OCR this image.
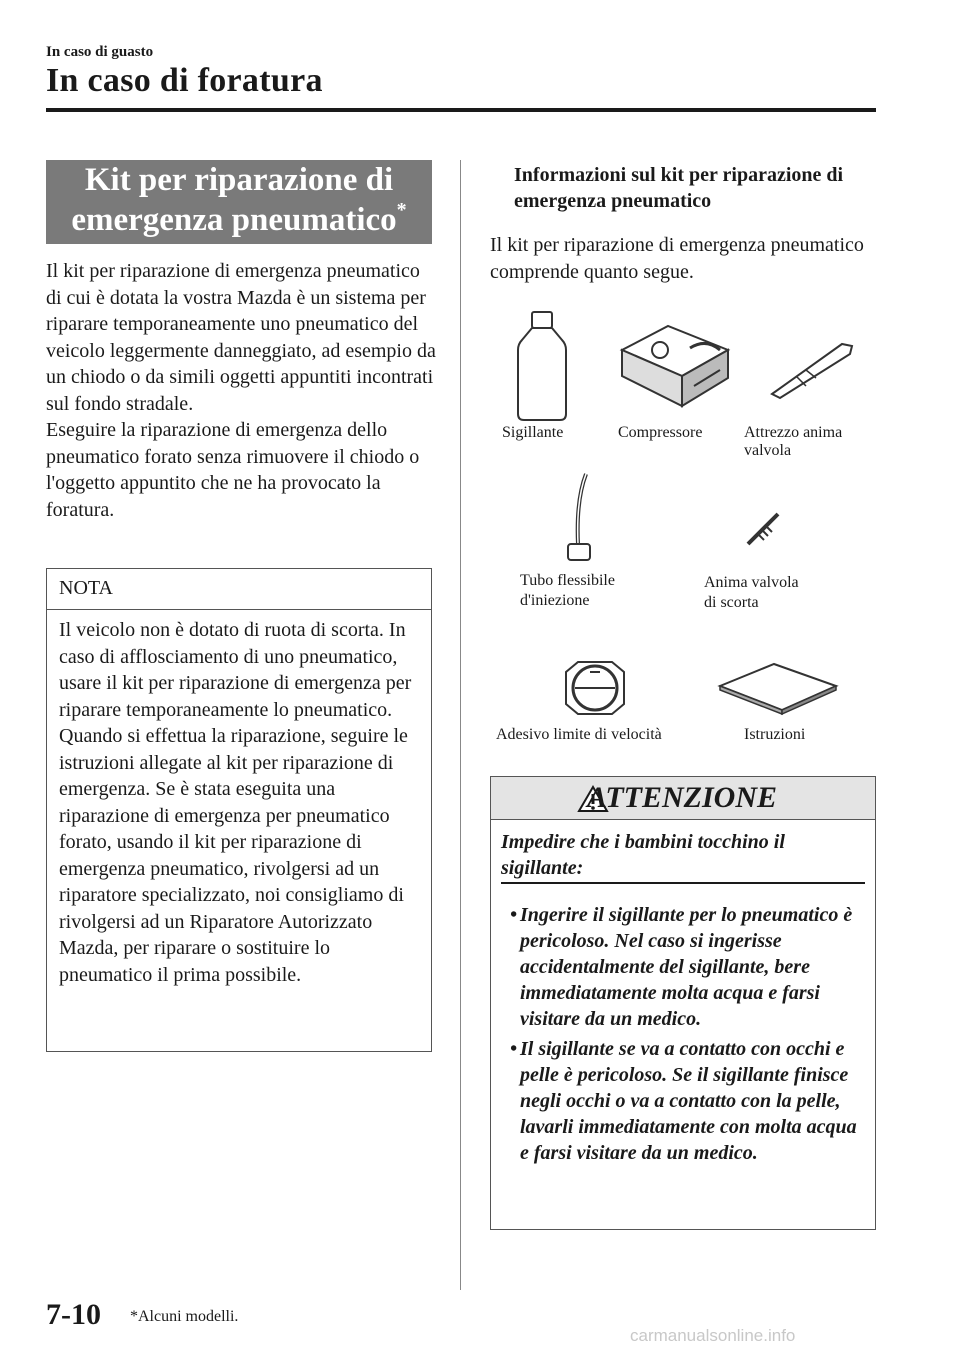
In caso di guasto
In caso di foratura
Kit per riparazione di
emergenza pneumatico*
Il kit per riparazione di emergenza pneumatico di cui è dotata la vostra Mazda è un sistema per riparare temporaneamente uno pneumatico del veicolo leggermente danneggiato, ad esempio da un chiodo o da simili oggetti appuntiti incontrati sul fondo stradale.
Eseguire la riparazione di emergenza dello pneumatico forato senza rimuovere il chiodo o l'oggetto appuntito che ne ha provocato la foratura.
NOTA
Il veicolo non è dotato di ruota di scorta. In caso di afflosciamento di uno pneumatico, usare il kit per riparazione di emergenza per riparare temporaneamente lo pneumatico. Quando si effettua la riparazione, seguire le istruzioni allegate al kit per riparazione di emergenza. Se è stata eseguita una riparazione di emergenza per pneumatico forato, usando il kit per riparazione di emergenza pneumatico, rivolgersi ad un riparatore specializzato, noi consigliamo di rivolgersi ad un Riparatore Autorizzato Mazda, per riparare o sostituire lo pneumatico il prima possibile.
Informazioni sul kit per riparazione di emergenza pneumatico
Il kit per riparazione di emergenza pneumatico comprende quanto segue.
Sigillante	Compressore	Attrezzo anima
valvola
Tubo flessibile
d'iniezione
Anima valvola
di scorta
Adesivo limite di velocità	Istruzioni
ATTENZIONE
Impedire che i bambini tocchino il sigillante:
• Ingerire il sigillante per lo pneumatico è pericoloso. Nel caso si ingerisse accidentalmente del sigillante, bere immediatamente molta acqua e farsi visitare da un medico.
• Il sigillante se va a contatto con occhi e pelle è pericoloso. Se il sigillante finisce negli occhi o va a contatto con la pelle, lavarli immediatamente con molta acqua e farsi visitare da un medico.
7-10 *Alcuni modelli.
carmanualsonline.info
